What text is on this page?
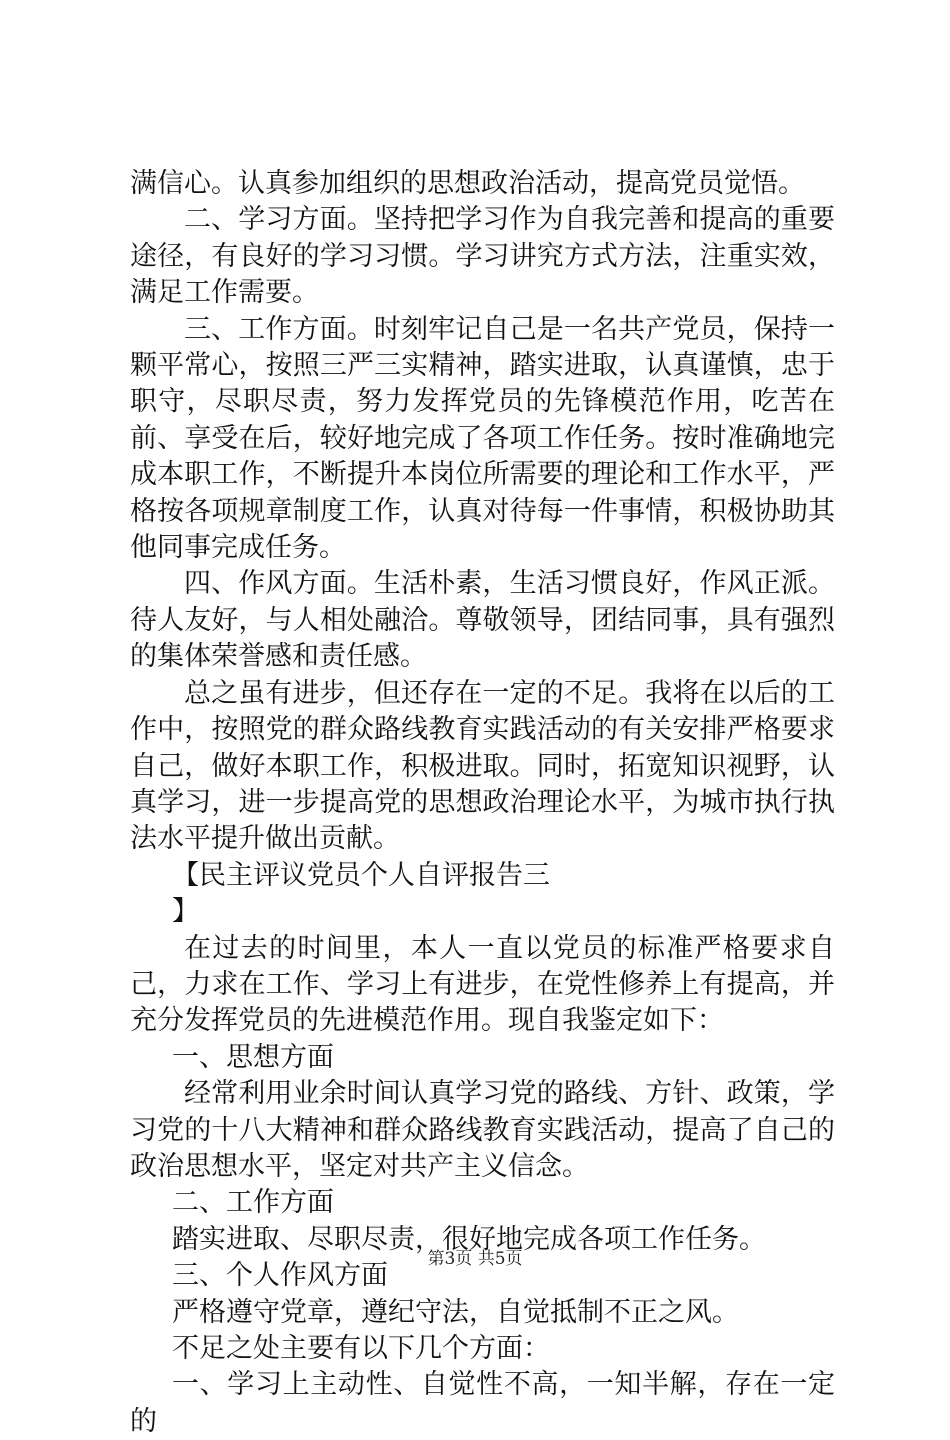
满信心。认真参加组织的思想政治活动，提高党员觉悟。

二、学习方面。坚持把学习作为自我完善和提高的重要途径，有良好的学习习惯。学习讲究方式方法，注重实效，满足工作需要。

三、工作方面。时刻牢记自己是一名共产党员，保持一颗平常心，按照三严三实精神，踏实进取，认真谨慎，忠于职守，尽职尽责，努力发挥党员的先锋模范作用，吃苦在前、享受在后，较好地完成了各项工作任务。按时准确地完成本职工作，不断提升本岗位所需要的理论和工作水平，严格按各项规章制度工作，认真对待每一件事情，积极协助其他同事完成任务。

四、作风方面。生活朴素，生活习惯良好，作风正派。待人友好，与人相处融洽。尊敬领导，团结同事，具有强烈的集体荣誉感和责任感。

总之虽有进步，但还存在一定的不足。我将在以后的工作中，按照党的群众路线教育实践活动的有关安排严格要求自己，做好本职工作，积极进取。同时，拓宽知识视野，认真学习，进一步提高党的思想政治理论水平，为城市执行执法水平提升做出贡献。

【民主评议党员个人自评报告三

】

在过去的时间里，本人一直以党员的标准严格要求自己，力求在工作、学习上有进步，在党性修养上有提高，并充分发挥党员的先进模范作用。现自我鉴定如下：

一、思想方面

经常利用业余时间认真学习党的路线、方针、政策，学习党的十八大精神和群众路线教育实践活动，提高了自己的政治思想水平，坚定对共产主义信念。

二、工作方面

踏实进取、尽职尽责，很好地完成各项工作任务。

三、个人作风方面

严格遵守党章，遵纪守法，自觉抵制不正之风。

不足之处主要有以下几个方面：

一、学习上主动性、自觉性不高，一知半解，存在一定的

第3页 共5页
